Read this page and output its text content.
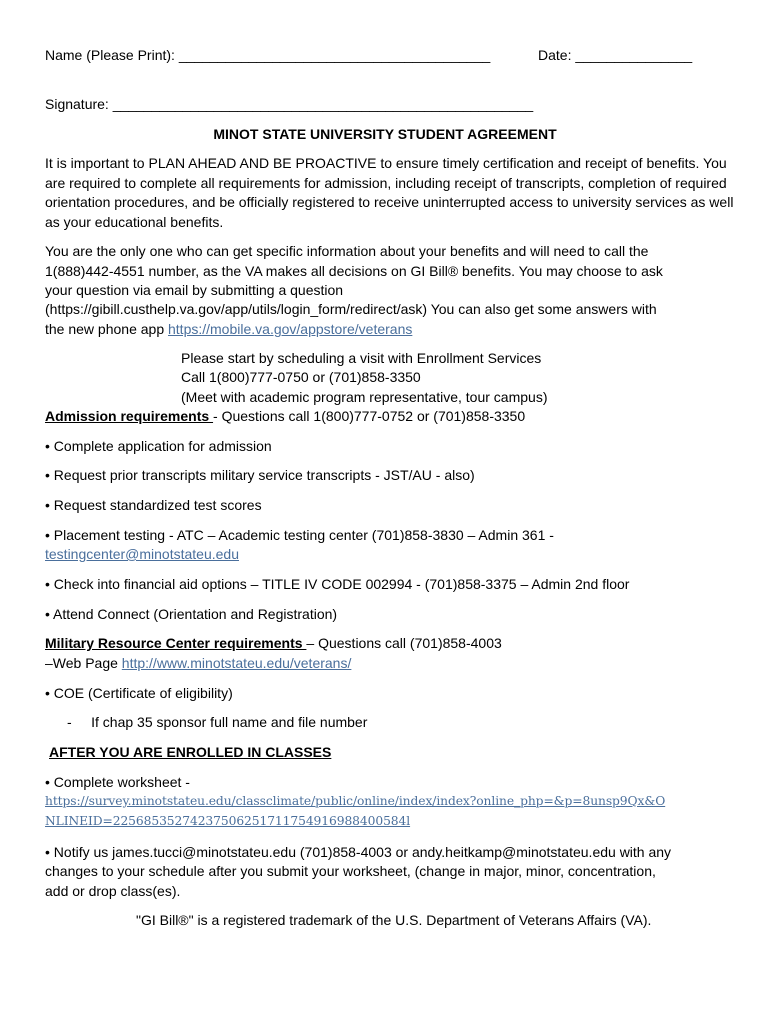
Name (Please Print): ________________________________________	Date: _______________
Signature: ______________________________________________________
MINOT STATE UNIVERSITY STUDENT AGREEMENT
It is important to PLAN AHEAD AND BE PROACTIVE to ensure timely certification and receipt of benefits. You are required to complete all requirements for admission, including receipt of transcripts, completion of required orientation procedures, and be officially registered to receive uninterrupted access to university services as well as your educational benefits.
You are the only one who can get specific information about your benefits and will need to call the
1(888)442-4551 number, as the VA makes all decisions on GI Bill® benefits. You may choose to ask
your question via email by submitting a question
(https://gibill.custhelp.va.gov/app/utils/login_form/redirect/ask) You can also get some answers with
the new phone app https://mobile.va.gov/appstore/veterans
Please start by scheduling a visit with Enrollment Services
Call 1(800)777-0750 or (701)858-3350
(Meet with academic program representative, tour campus)
Admission requirements - Questions call 1(800)777-0752 or (701)858-3350
• Complete application for admission
• Request prior transcripts military service transcripts - JST/AU - also)
• Request standardized test scores
• Placement testing - ATC – Academic testing center (701)858-3830 – Admin 361 -
testingcenter@minotstateu.edu
• Check into financial aid options – TITLE IV CODE 002994 - (701)858-3375 – Admin 2nd floor
• Attend Connect (Orientation and Registration)
Military Resource Center requirements – Questions call (701)858-4003
–Web Page http://www.minotstateu.edu/veterans/
• COE (Certificate of eligibility)
-     If chap 35 sponsor full name and file number
AFTER YOU ARE ENROLLED IN CLASSES
• Complete worksheet -
https://survey.minotstateu.edu/classclimate/public/online/index/index?online_php=&p=8unsp9Qx&O
NLINEID=22568535274237506251711754916988400584l
• Notify us james.tucci@minotstateu.edu (701)858-4003 or andy.heitkamp@minotstateu.edu with any
changes to your schedule after you submit your worksheet, (change in major, minor, concentration,
add or drop class(es).
"GI Bill®" is a registered trademark of the U.S. Department of Veterans Affairs (VA).
